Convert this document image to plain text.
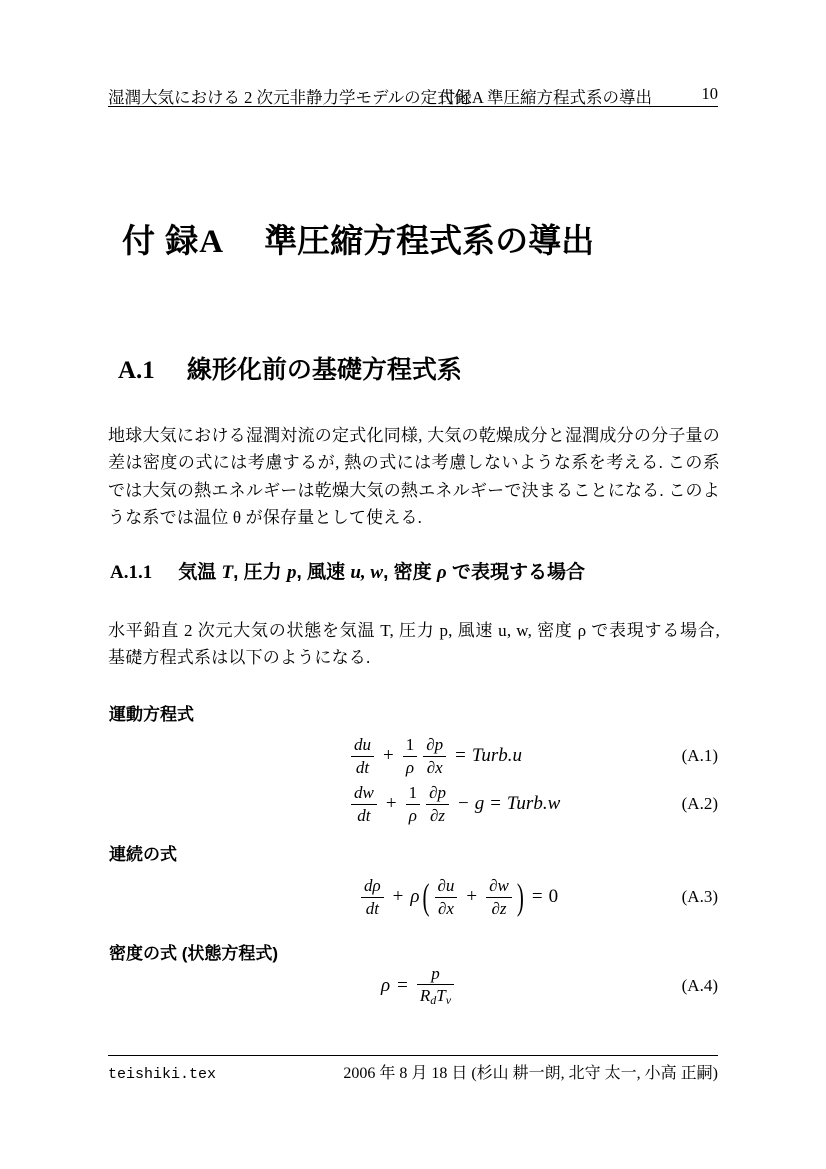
湿潤大気における 2 次元非静力学モデルの定式化
付録A 準圧縮方程式系の導出	10
付 録A 準圧縮方程式系の導出
A.1 線形化前の基礎方程式系
地球大気における湿潤対流の定式化同様, 大気の乾燥成分と湿潤成分の分子量の差は密度の式には考慮するが, 熱の式には考慮しないような系を考える. この系では大気の熱エネルギーは乾燥大気の熱エネルギーで決まることになる. このような系では温位 θ が保存量として使える.
A.1.1 気温 T, 圧力 p, 風速 u, w, 密度 ρ で表現する場合
水平鉛直 2 次元大気の状態を気温 T, 圧力 p, 風速 u, w, 密度 ρ で表現する場合, 基礎方程式系は以下のようになる.
運動方程式
$\frac{du}{dt} + \frac{1}{\rho} \frac{\partial p}{\partial x}$ = Turb.u	(A.1)
$\frac{dw}{dt} + \frac{1}{\rho} \frac{\partial p}{\partial z} - g$ = Turb.w	(A.2)
連続の式
$\frac{d\rho}{dt} + \rho$ ( $\frac{\partial u}{\partial x} + \frac{\partial w}{\partial z}$ ) = 0	(A.3)
密度の式 (状態方程式)
$\rho = \frac{p}{\text{RdTv}}$	(A.4)
teishiki.tex	2006 年 8 月 18 日 (杉山 耕一朗, 北守 太一, 小高 正嗣)
